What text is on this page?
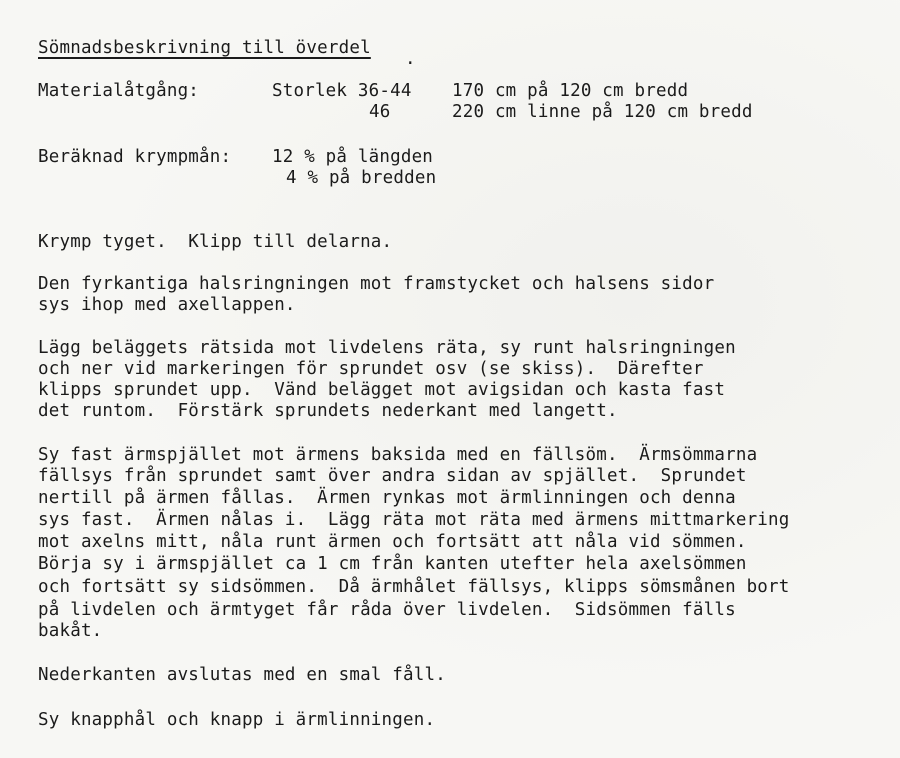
Sömnadsbeskrivning till överdel
.
Materialåtgång:	Storlek 36-44 170 cm på 120 cm bredd
46	220 cm linne på 120 cm bredd
Beräknad krympmån: 12 % på längden
4 % på bredden
Krymp tyget.  Klipp till delarna.
Den fyrkantiga halsringningen mot framstycket och halsens sidor
sys ihop med axellappen.
Lägg beläggets rätsida mot livdelens räta, sy runt halsringningen
och ner vid markeringen för sprundet osv (se skiss).  Därefter
klipps sprundet upp.  Vänd belägget mot avigsidan och kasta fast
det runtom.  Förstärk sprundets nederkant med langett.
Sy fast ärmspjället mot ärmens baksida med en fällsöm.  Ärmsömmarna
fällsys från sprundet samt över andra sidan av spjället.  Sprundet
nertill på ärmen fållas.  Ärmen rynkas mot ärmlinningen och denna
sys fast.  Ärmen nålas i.  Lägg räta mot räta med ärmens mittmarkering
mot axelns mitt, nåla runt ärmen och fortsätt att nåla vid sömmen.
Börja sy i ärmspjället ca 1 cm från kanten utefter hela axelsömmen
och fortsätt sy sidsömmen.  Då ärmhålet fällsys, klipps sömsmånen bort
på livdelen och ärmtyget får råda över livdelen.  Sidsömmen fälls
bakåt.
Nederkanten avslutas med en smal fåll.
Sy knapphål och knapp i ärmlinningen.
